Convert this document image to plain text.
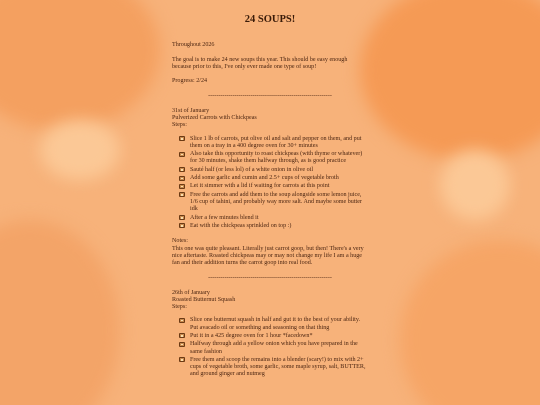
24 SOUPS!

Throughout 2026

The goal is to make 24 new soups this year. This should be easy enough because prior to this, I've only ever made one type of soup!

Progress: 2/24

-------------------------------------------------------------

31st of January

Pulverized Carrots with Chickpeas

Steps:

Slice 1 lb of carrots, put olive oil and salt and pepper on them, and put them on a tray in a 400 degree oven for 30+ minutes
Also take this opportunity to roast chickpeas (with thyme or whatever) for 30 minutes, shake them halfway through, as is good practice
Sauté half (or less lol) of a white onion in olive oil
Add some garlic and cumin and 2.5+ cups of vegetable broth
Let it simmer with a lid if waiting for carrots at this point
Free the carrots and add them to the soup alongside some lemon juice, 1/6 cup of tahini, and probably way more salt. And maybe some butter idk
After a few minutes blend it
Eat with the chickpeas sprinkled on top :)

Notes:

This one was quite pleasant. Literally just carrot goop, but then! There's a very nice aftertaste. Roasted chickpeas may or may not change my life I am a huge fan and their addition turns the carrot goop into real food.

-------------------------------------------------------------

26th of January

Roasted Butternut Squash

Steps:

Slice one butternut squash in half and gut it to the best of your ability. Put avacado oil or something and seasoning on that thing
Put it in a 425 degree oven for 1 hour *facedown*
Halfway through add a yellow onion which you have prepared in the same fashion
Free them and scoop the remains into a blender (scary!) to mix with 2+ cups of vegetable broth, some garlic, some maple syrup, salt, BUTTER, and ground ginger and nutmeg
